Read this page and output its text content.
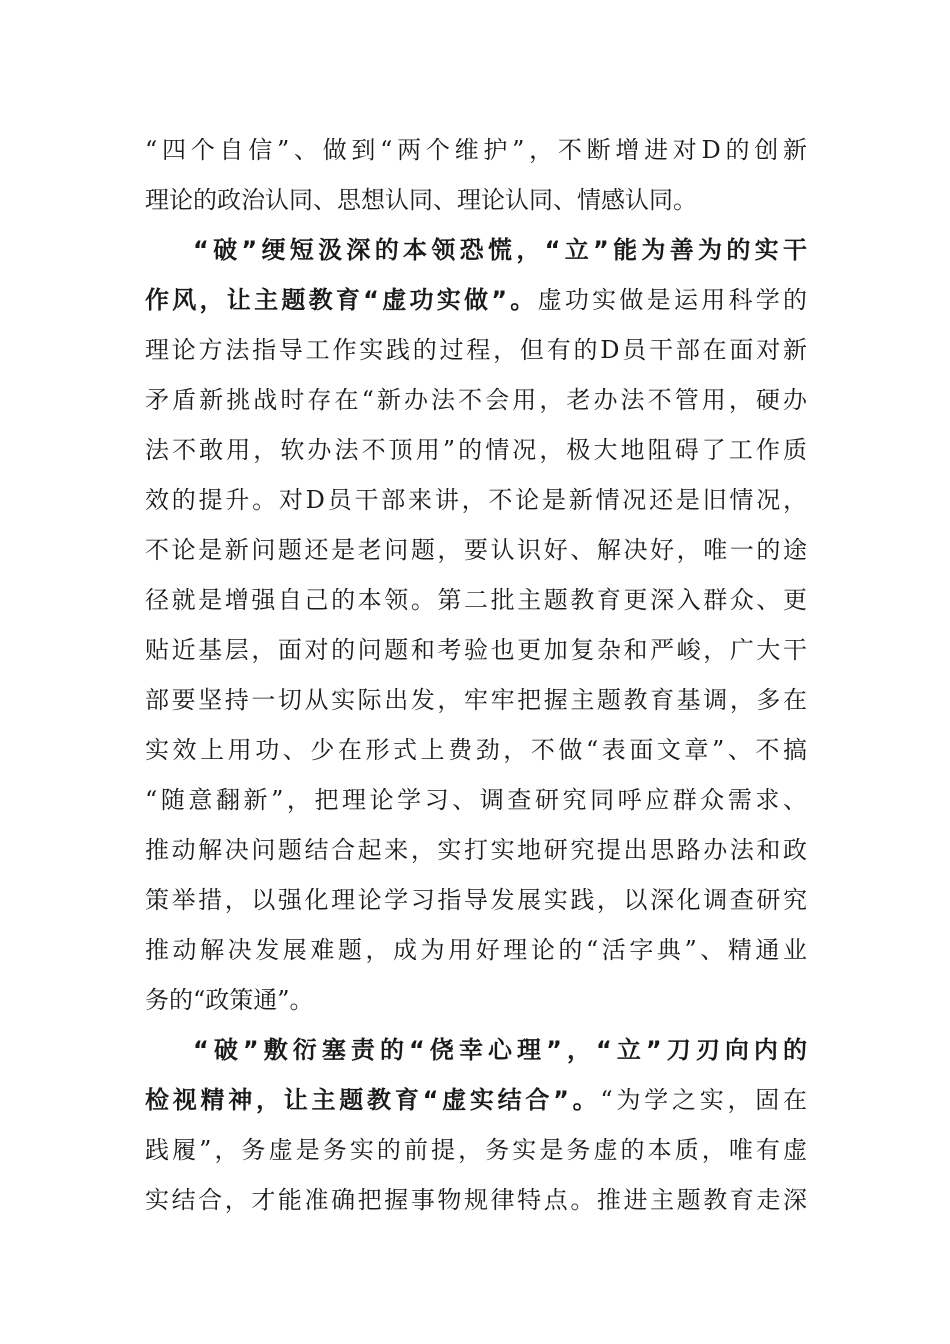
“四个自信”、做到“两个维护”，不断增进对D的创新
理论的政治认同、思想认同、理论认同、情感认同。
“破”绠短汲深的本领恐慌，“立”能为善为的实干
作风，让主题教育“虚功实做”。虚功实做是运用科学的
理论方法指导工作实践的过程，但有的D员干部在面对新
矛盾新挑战时存在“新办法不会用，老办法不管用，硬办
法不敢用，软办法不顶用”的情况，极大地阻碍了工作质
效的提升。对D员干部来讲，不论是新情况还是旧情况，
不论是新问题还是老问题，要认识好、解决好，唯一的途
径就是增强自己的本领。第二批主题教育更深入群众、更
贴近基层，面对的问题和考验也更加复杂和严峻，广大干
部要坚持一切从实际出发，牢牢把握主题教育基调，多在
实效上用功、少在形式上费劲，不做“表面文章”、不搞
“随意翻新”，把理论学习、调查研究同呼应群众需求、
推动解决问题结合起来，实打实地研究提出思路办法和政
策举措，以强化理论学习指导发展实践，以深化调查研究
推动解决发展难题，成为用好理论的“活字典”、精通业
务的“政策通”。
“破”敷衍塞责的“侥幸心理”，“立”刀刃向内的
检视精神，让主题教育“虚实结合”。“为学之实，固在
践履”，务虚是务实的前提，务实是务虚的本质，唯有虚
实结合，才能准确把握事物规律特点。推进主题教育走深
